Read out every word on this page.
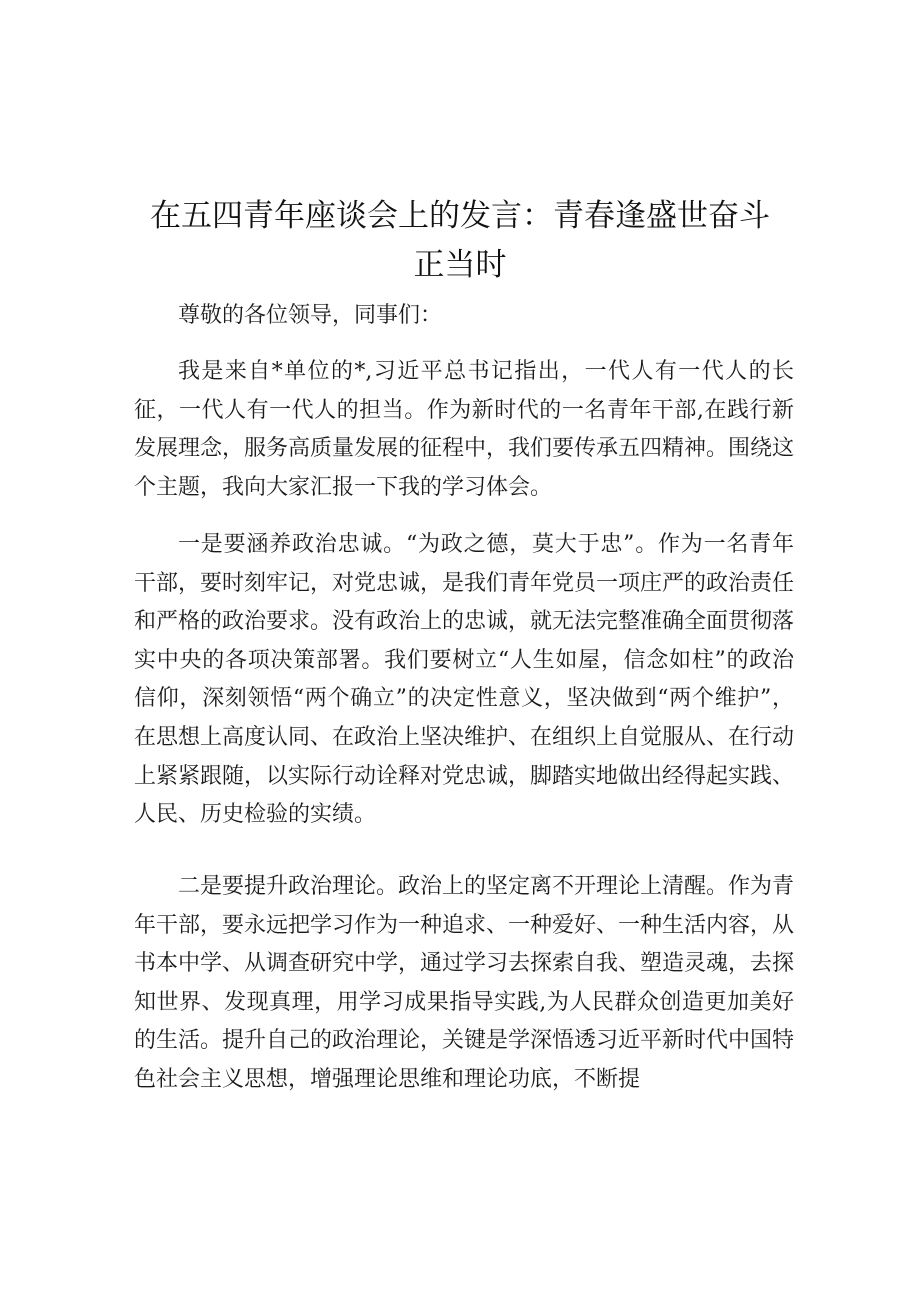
在五四青年座谈会上的发言：青春逢盛世奋斗
正当时

尊敬的各位领导，同事们：

我是来自*单位的*,习近平总书记指出，一代人有一代人的长征，一代人有一代人的担当。作为新时代的一名青年干部,在践行新发展理念，服务高质量发展的征程中，我们要传承五四精神。围绕这个主题，我向大家汇报一下我的学习体会。

一是要涵养政治忠诚。“为政之德，莫大于忠”。作为一名青年干部，要时刻牢记，对党忠诚，是我们青年党员一项庄严的政治责任和严格的政治要求。没有政治上的忠诚，就无法完整准确全面贯彻落实中央的各项决策部署。我们要树立“人生如屋，信念如柱”的政治信仰，深刻领悟“两个确立”的决定性意义，坚决做到“两个维护”，在思想上高度认同、在政治上坚决维护、在组织上自觉服从、在行动上紧紧跟随，以实际行动诠释对党忠诚，脚踏实地做出经得起实践、人民、历史检验的实绩。

二是要提升政治理论。政治上的坚定离不开理论上清醒。作为青年干部，要永远把学习作为一种追求、一种爱好、一种生活内容，从书本中学、从调查研究中学，通过学习去探索自我、塑造灵魂，去探知世界、发现真理，用学习成果指导实践,为人民群众创造更加美好的生活。提升自己的政治理论，关键是学深悟透习近平新时代中国特色社会主义思想，增强理论思维和理论功底，不断提
